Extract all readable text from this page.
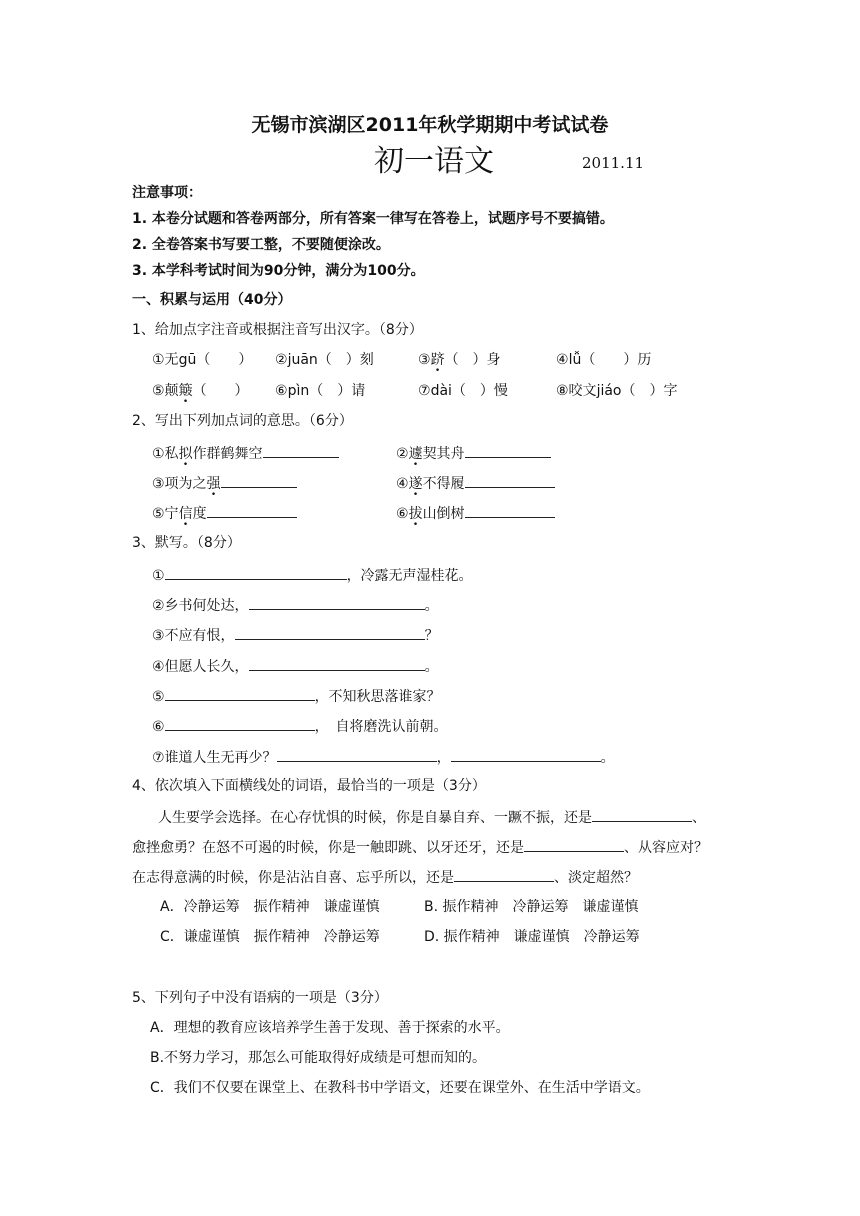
无锡市滨湖区2011年秋学期期中考试试卷
初一语文	2011.11
注意事项：
1. 本卷分试题和答卷两部分，所有答案一律写在答卷上，试题序号不要搞错。
2. 全卷答案书写要工整，不要随便涂改。
3. 本学科考试时间为90分钟，满分为100分。
一、积累与运用（40分）
1、给加点字注音或根据注音写出汉字。（8分）
①无gū（　　） ②juān（　）刻	③跻（　）身	④lǚ（　　）历
⑤颠簸（　　） ⑥pìn（　）请	⑦dài（　）慢	⑧咬文jiáo（　）字
2、写出下列加点词的意思。（6分）
①私拟作群鹤舞空	②遽契其舟
③项为之强	④遂不得履
⑤宁信度	⑥拔山倒树
3、默写。（8分）
①	，冷露无声湿桂花。
②乡书何处达，	。
③不应有恨，	？
④但愿人长久，	。
⑤	，不知秋思落谁家？
⑥	，　自将磨洗认前朝。
⑦谁道人生无再少？	，	。
4、依次填入下面横线处的词语，最恰当的一项是（3分）
人生要学会选择。在心存忧惧的时候，你是自暴自弃、一蹶不振，还是	、
愈挫愈勇？在怒不可遏的时候，你是一触即跳、以牙还牙，还是	、从容应对？
在志得意满的时候，你是沾沾自喜、忘乎所以，还是	、淡定超然？
A．冷静运筹　振作精神　谦虚谨慎	B. 振作精神　冷静运筹　谦虚谨慎
C．谦虚谨慎　振作精神　冷静运筹	D. 振作精神　谦虚谨慎　冷静运筹
5、下列句子中没有语病的一项是（3分）
A．理想的教育应该培养学生善于发现、善于探索的水平。
B.不努力学习，那怎么可能取得好成绩是可想而知的。
C．我们不仅要在课堂上、在教科书中学语文，还要在课堂外、在生活中学语文。
